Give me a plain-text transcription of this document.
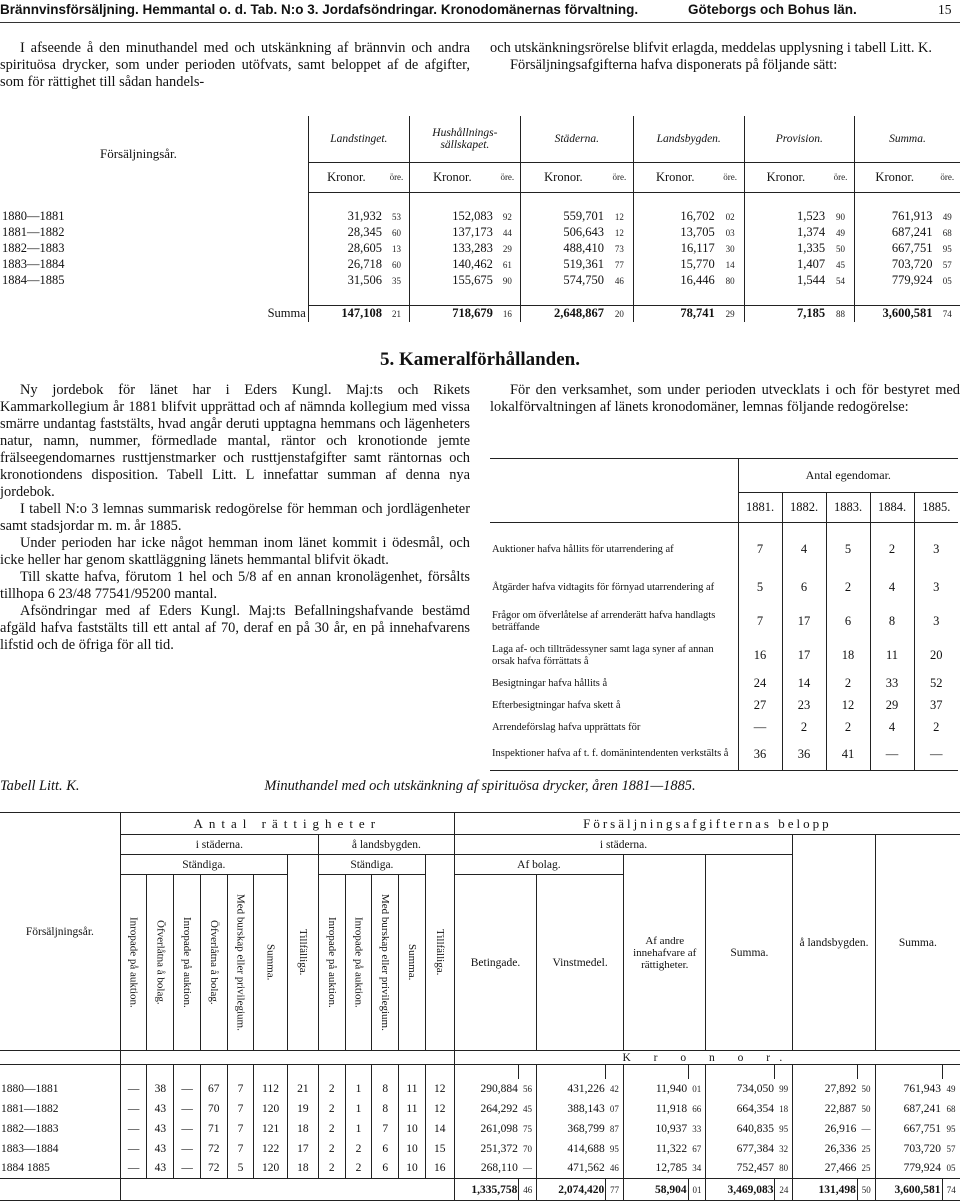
Brännvinsförsäljning. Hemmantal o. d. Tab. N:o 3. Jordafsöndringar. Kronodomänernas förvaltning.	Göteborgs och Bohus län.	15

I afseende å den minuthandel med och utskänkning af brännvin och andra spirituösa drycker, som under perioden utöfvats, samt beloppet af de afgifter, som för rättighet till sådan handels-

och utskänkningsrörelse blifvit erlagda, meddelas upplysning i tabell Litt. K.

Försäljningsafgifterna hafva disponerats på följande sätt:

Försäljningsår.	Landstinget.		Hushållnings-sällskapet.		Städerna.		Landsbygden.		Provision.		Summa.	
	Kronor.	öre.	Kronor.	öre.	Kronor.	öre.	Kronor.	öre.	Kronor.	öre.	Kronor.	öre.

1880—1881	31,932	53	152,083	92	559,701	12	16,702	02	1,523	90	761,913	49
1881—1882	28,345	60	137,173	44	506,643	12	13,705	03	1,374	49	687,241	68
1882—1883	28,605	13	133,283	29	488,410	73	16,117	30	1,335	50	667,751	95
1883—1884	26,718	60	140,462	61	519,361	77	15,770	14	1,407	45	703,720	57
1884—1885	31,506	35	155,675	90	574,750	46	16,446	80	1,544	54	779,924	05

Summa	147,108	21	718,679	16	2,648,867	20	78,741	29	7,185	88	3,600,581	74
5. Kameralförhållanden.

Ny jordebok för länet har i Eders Kungl. Maj:ts och Rikets Kammarkollegium år 1881 blifvit upprättad och af nämnda kollegium med vissa smärre undantag faststälts, hvad angår deruti upptagna hemmans och lägenheters natur, namn, nummer, förmedlade mantal, räntor och kronotionde jemte frälseegendomarnes rusttjenstmarker och rusttjenstafgifter samt räntornas och kronotiondens disposition. Tabell Litt. L innefattar summan af denna nya jordebok.

I tabell N:o 3 lemnas summarisk redogörelse för hemman och jordlägenheter samt stadsjordar m. m. år 1885.

Under perioden har icke något hemman inom länet kommit i ödesmål, och icke heller har genom skattläggning länets hemmantal blifvit ökadt.

Till skatte hafva, förutom 1 hel och 5/8 af en annan kronolägenhet, försålts tillhopa 6 23/48 77541/95200 mantal.

Afsöndringar med af Eders Kungl. Maj:ts Befallningshafvande bestämd afgäld hafva faststälts till ett antal af 70, deraf en på 30 år, en på innehafvarens lifstid och de öfriga för all tid.

För den verksamhet, som under perioden utvecklats i och för bestyret med lokalförvaltningen af länets kronodomäner, lemnas följande redogörelse:

	Antal egendomar.				
	1881.	1882.	1883.	1884.	1885.

Auktioner hafva hållits för utarrendering af	7	4	5	2	3
Åtgärder hafva vidtagits för förnyad utarrendering af	5	6	2	4	3
Frågor om öfverlåtelse af arrenderätt hafva handlagts beträffande	7	17	6	8	3
Laga af- och tillträdessyner samt laga syner af annan orsak hafva förrättats å	16	17	18	11	20
Besigtningar hafva hållits å	24	14	2	33	52
Efterbesigtningar hafva skett å	27	23	12	29	37
Arrendeförslag hafva upprättats för	—	2	2	4	2
Inspektioner hafva af t. f. domänintendenten verkstälts å	36	36	41	—	—
Tabell Litt. K.	Minuthandel med och utskänkning af spirituösa drycker, åren 1881—1885.
Försäljningsår.	Antal rättigheter												Försäljningsafgifternas belopp											
	i städerna.							å landsbygden.					i städerna.								å landsbygden.		Summa.	
	Ständiga.						Tillfälliga.	Ständiga.				Tillfälliga.	Af bolag.				Af andre innehafvare af rättigheter.		Summa.					

	Inropade på auktion.	Öfverlåtna å bolag.	Inropade på auktion.	Öfverlåtna å bolag.	Med burskap eller privilegium.	Summa.		Inropade på auktion.	Inropade på auktion.	Med burskap eller privilegium.	Summa.		Betingade.		Vinstmedel.									
													K r o n o r.											

1880—1881	—	38	—	67	7	112	21	2	1	8	11	12	290,884	56	431,226	42	11,940	01	734,050	99	27,892	50	761,943	49
1881—1882	—	43	—	70	7	120	19	2	1	8	11	12	264,292	45	388,143	07	11,918	66	664,354	18	22,887	50	687,241	68
1882—1883	—	43	—	71	7	121	18	2	1	7	10	14	261,098	75	368,799	87	10,937	33	640,835	95	26,916	—	667,751	95
1883—1884	—	43	—	72	7	122	17	2	2	6	10	15	251,372	70	414,688	95	11,322	67	677,384	32	26,336	25	703,720	57
1884 1885	—	43	—	72	5	120	18	2	2	6	10	16	268,110	—	471,562	46	12,785	34	752,457	80	27,466	25	779,924	05
													1,335,758	46	2,074,420	77	58,904	01	3,469,083	24	131,498	50	3,600,581	74
